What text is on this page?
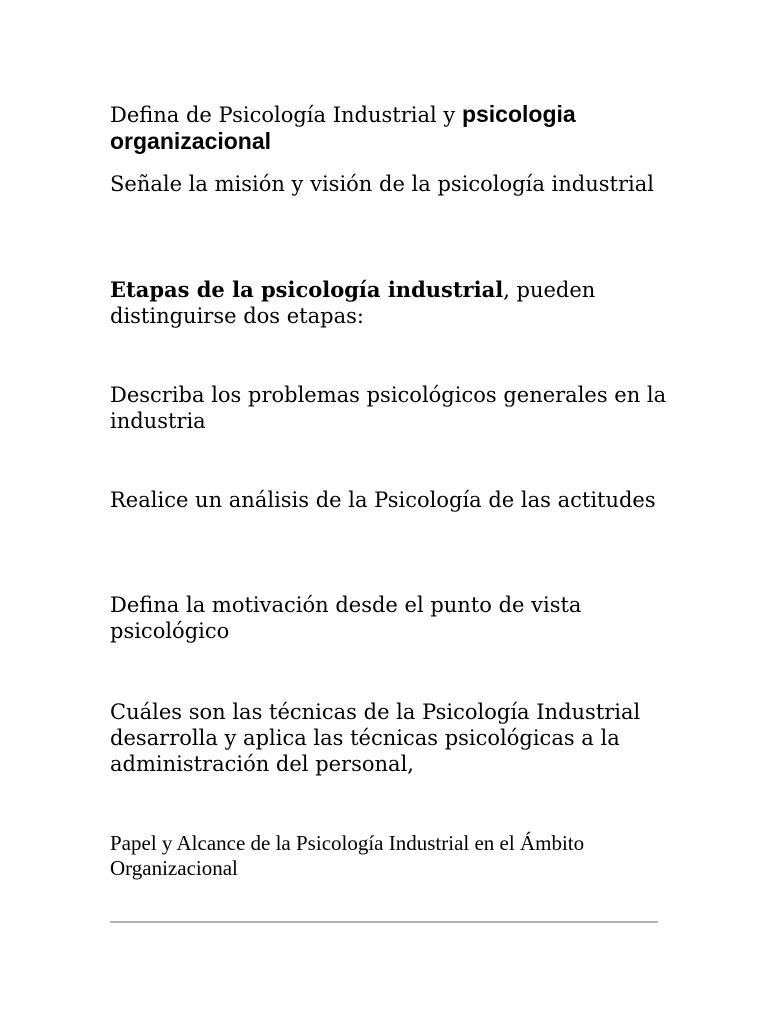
Defina de Psicología Industrial y psicologia organizacional

Señale la misión y visión de la psicología industrial

Etapas de la psicología industrial, pueden distinguirse dos etapas:

Describa los problemas psicológicos generales en la industria

Realice un análisis de la Psicología de las actitudes

Defina la motivación desde el punto de vista psicológico

Cuáles son las técnicas de la Psicología Industrial desarrolla y aplica las técnicas psicológicas a la administración del personal,

Papel y Alcance de la Psicología Industrial en el Ámbito Organizacional
